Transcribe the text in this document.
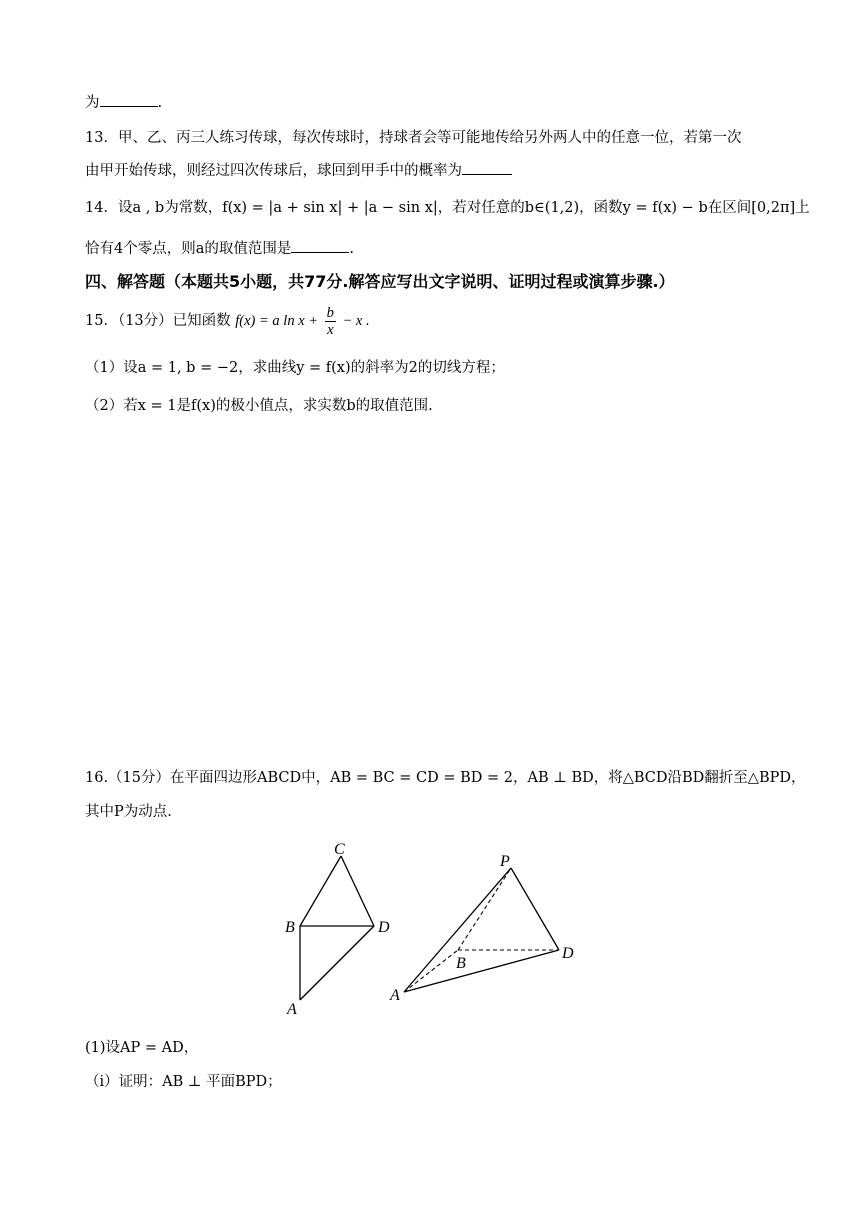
为	.
13．甲、乙、丙三人练习传球，每次传球时，持球者会等可能地传给另外两人中的任意一位，若第一次
由甲开始传球，则经过四次传球后，球回到甲手中的概率为
14．设a , b为常数，f(x) = |a + sin x| + |a − sin x|，若对任意的b∈(1,2)，函数y = f(x) − b在区间[0,2π]上
恰有4个零点，则a的取值范围是	.
四、解答题（本题共5小题，共77分.解答应写出文字说明、证明过程或演算步骤.）
15．（13分）已知函数 f(x) = a $\ln x + \frac{b}{x} - x$ .
（1）设a = 1, b = −2，求曲线y = f(x)的斜率为2的切线方程；
（2）若x = 1是f(x)的极小值点，求实数b的取值范围.
16.（15分）在平面四边形ABCD中，AB = BC = CD = BD = 2，AB ⊥ BD，将△BCD沿BD翻折至△BPD，
其中P为动点.
C
B	D
A
P
B
D
A
(1)设AP = AD，
（ⅰ）证明：AB ⊥ 平面BPD；
